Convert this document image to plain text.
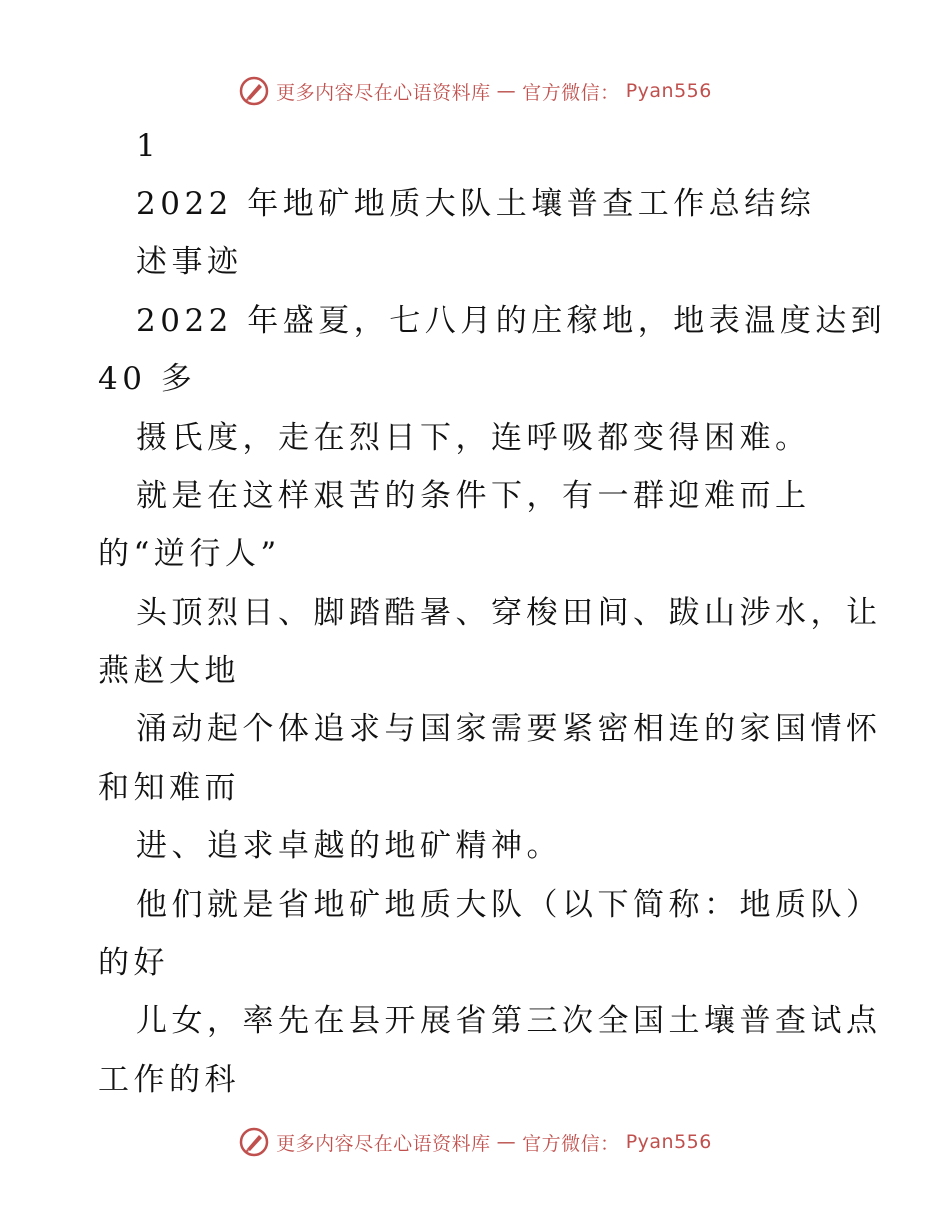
更多内容尽在心语资料库 — 官方微信： Pyan556
1
2022 年地矿地质大队土壤普查工作总结综
述事迹
2022 年盛夏，七八月的庄稼地，地表温度达到
40 多
摄氏度，走在烈日下，连呼吸都变得困难。
就是在这样艰苦的条件下，有一群迎难而上
的“逆行人”
头顶烈日、脚踏酷暑、穿梭田间、跋山涉水，让
燕赵大地
涌动起个体追求与国家需要紧密相连的家国情怀
和知难而
进、追求卓越的地矿精神。
他们就是省地矿地质大队（以下简称：地质队）
的好
儿女，率先在县开展省第三次全国土壤普查试点
工作的科
更多内容尽在心语资料库 — 官方微信： Pyan556
